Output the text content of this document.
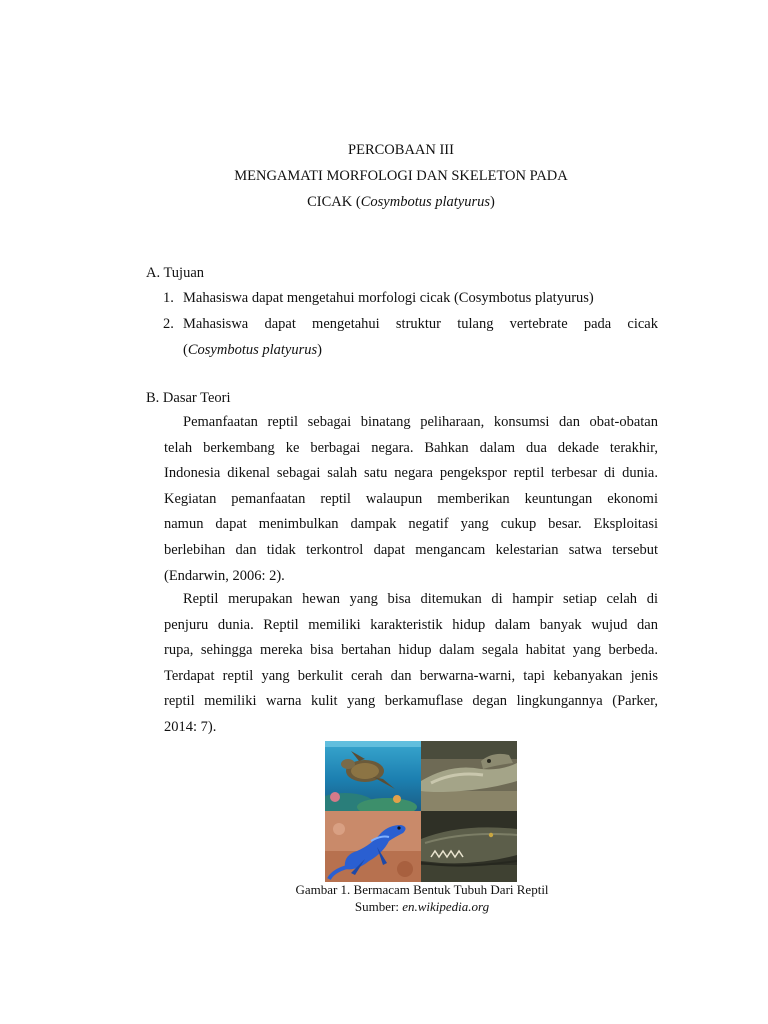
PERCOBAAN III
MENGAMATI MORFOLOGI DAN SKELETON PADA
CICAK (Cosymbotus platyurus)
A. Tujuan
1. Mahasiswa dapat mengetahui morfologi cicak (Cosymbotus platyurus)
2. Mahasiswa dapat mengetahui struktur tulang vertebrate pada cicak
(Cosymbotus platyurus)
B. Dasar Teori
Pemanfaatan reptil sebagai binatang peliharaan, konsumsi dan obat-obatan
telah berkembang ke berbagai negara. Bahkan dalam dua dekade terakhir,
Indonesia dikenal sebagai salah satu negara pengekspor reptil terbesar di dunia.
Kegiatan pemanfaatan reptil walaupun memberikan keuntungan ekonomi
namun dapat menimbulkan dampak negatif yang cukup besar. Eksploitasi
berlebihan dan tidak terkontrol dapat mengancam kelestarian satwa tersebut
(Endarwin, 2006: 2).
Reptil merupakan hewan yang bisa ditemukan di hampir setiap celah di
penjuru dunia. Reptil memiliki karakteristik hidup dalam banyak wujud dan
rupa, sehingga mereka bisa bertahan hidup dalam segala habitat yang berbeda.
Terdapat reptil yang berkulit cerah dan berwarna-warni, tapi kebanyakan jenis
reptil memiliki warna kulit yang berkamuflase degan lingkungannya (Parker,
2014: 7).
Gambar 1. Bermacam Bentuk Tubuh Dari Reptil
Sumber: en.wikipedia.org
